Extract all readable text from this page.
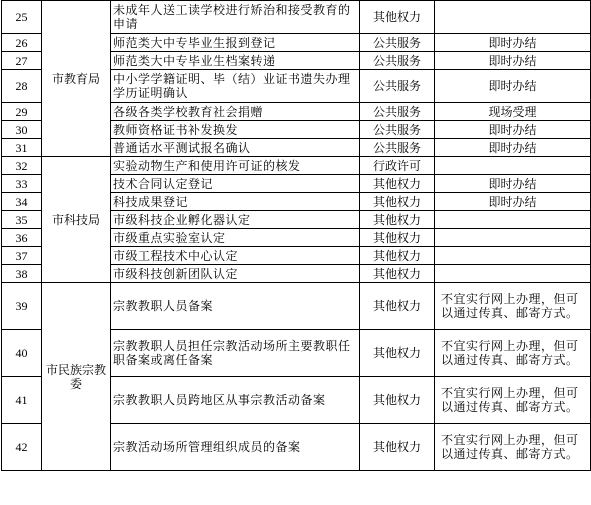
25	市教育局	未成年人送工读学校进行矫治和接受教育的申请	其他权力	
26		师范类大中专毕业生报到登记	公共服务	即时办结
27		师范类大中专毕业生档案转递	公共服务	即时办结
28		中小学学籍证明、毕（结）业证书遗失办理学历证明确认	公共服务	即时办结
29		各级各类学校教育社会捐赠	公共服务	现场受理
30		教师资格证书补发换发	公共服务	即时办结
31		普通话水平测试报名确认	公共服务	即时办结
32	市科技局	实验动物生产和使用许可证的核发	行政许可	
33		技术合同认定登记	其他权力	即时办结
34		科技成果登记	其他权力	即时办结
35		市级科技企业孵化器认定	其他权力	
36		市级重点实验室认定	其他权力	
37		市级工程技术中心认定	其他权力	
38		市级科技创新团队认定	其他权力	
39	市民族宗教委	宗教教职人员备案	其他权力	不宜实行网上办理，但可以通过传真、邮寄方式。
40		宗教教职人员担任宗教活动场所主要教职任职备案或离任备案	其他权力	不宜实行网上办理，但可以通过传真、邮寄方式。
41		宗教教职人员跨地区从事宗教活动备案	其他权力	不宜实行网上办理，但可以通过传真、邮寄方式。
42		宗教活动场所管理组织成员的备案	其他权力	不宜实行网上办理，但可以通过传真、邮寄方式。
